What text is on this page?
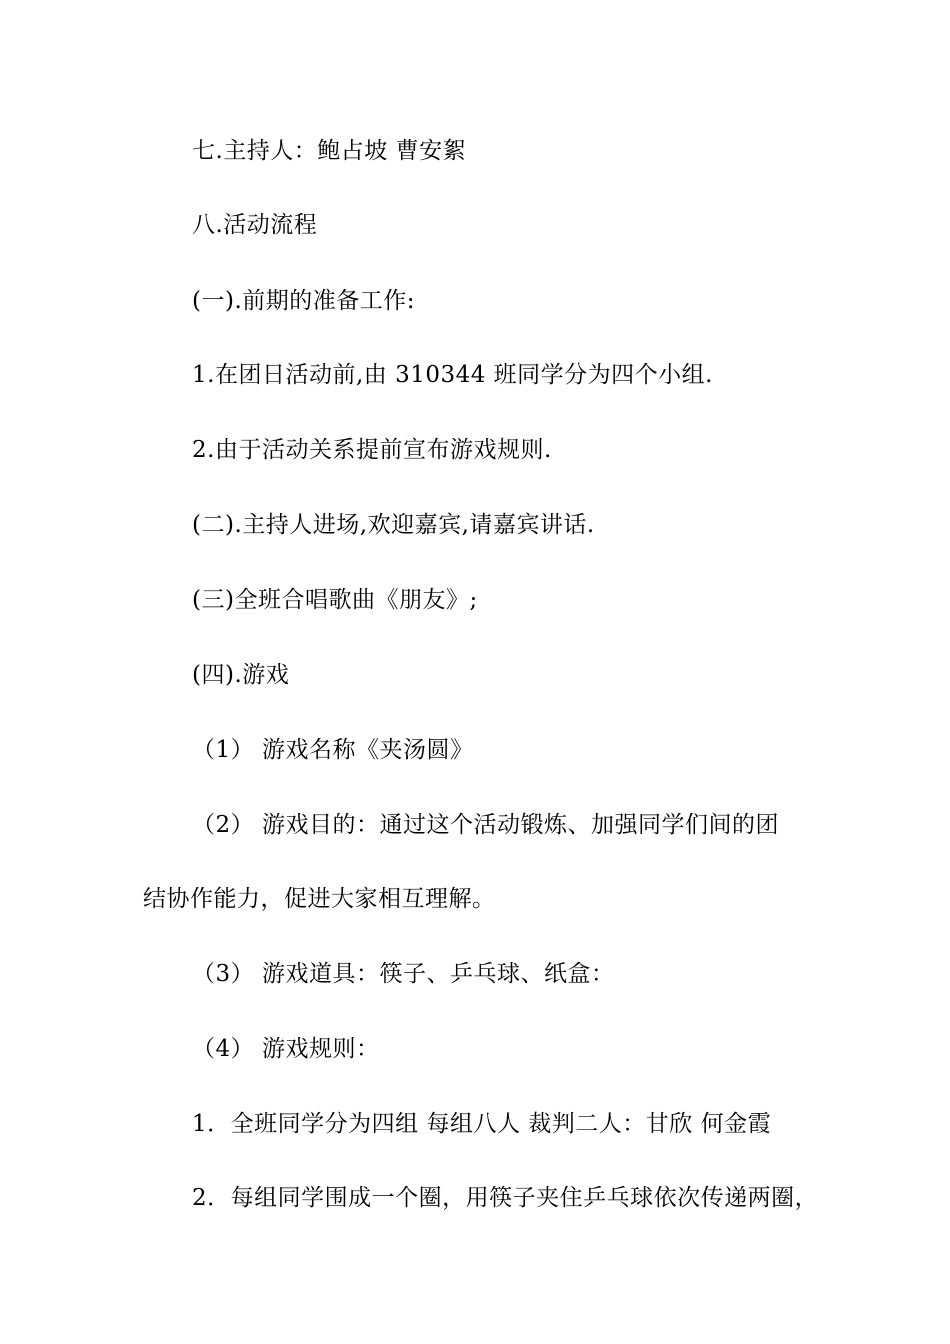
七.主持人：鲍占坡 曹安絮
八.活动流程
(一).前期的准备工作:
1.在团日活动前,由 310344 班同学分为四个小组.
2.由于活动关系提前宣布游戏规则.
(二).主持人进场,欢迎嘉宾,请嘉宾讲话.
(三)全班合唱歌曲《朋友》;
(四).游戏
（1） 游戏名称《夹汤圆》
（2） 游戏目的：通过这个活动锻炼、加强同学们间的团
结协作能力，促进大家相互理解。
（3） 游戏道具：筷子、乒乓球、纸盒：
（4） 游戏规则：
1．全班同学分为四组 每组八人 裁判二人：甘欣 何金霞
2．每组同学围成一个圈，用筷子夹住乒乓球依次传递两圈，
